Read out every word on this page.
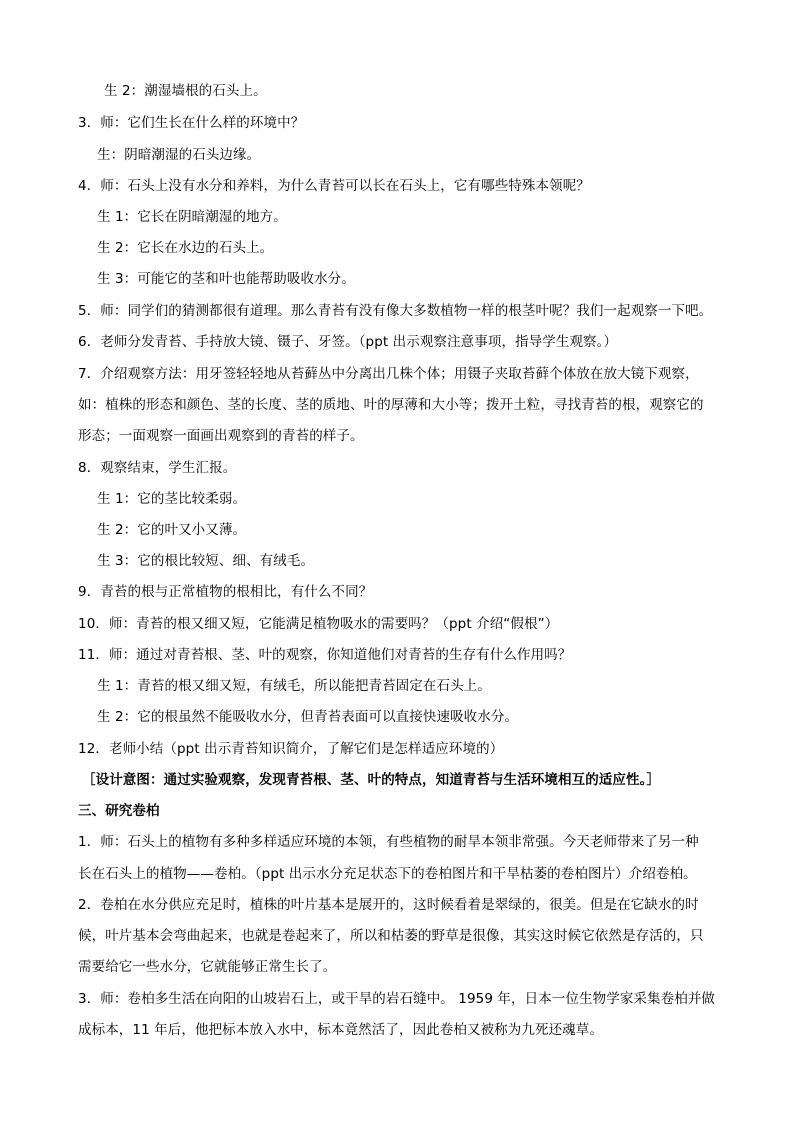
生 2：潮湿墙根的石头上。
3．师：它们生长在什么样的环境中？
生：阴暗潮湿的石头边缘。
4．师：石头上没有水分和养料，为什么青苔可以长在石头上，它有哪些特殊本领呢？
生 1：它长在阴暗潮湿的地方。
生 2：它长在水边的石头上。
生 3：可能它的茎和叶也能帮助吸收水分。
5．师：同学们的猜测都很有道理。那么青苔有没有像大多数植物一样的根茎叶呢？我们一起观察一下吧。
6．老师分发青苔、手持放大镜、镊子、牙签。（ppt 出示观察注意事项，指导学生观察。）
7．介绍观察方法：用牙签轻轻地从苔藓丛中分离出几株个体；用镊子夹取苔藓个体放在放大镜下观察，
如：植株的形态和颜色、茎的长度、茎的质地、叶的厚薄和大小等；拨开土粒，寻找青苔的根，观察它的
形态；一面观察一面画出观察到的青苔的样子。
8．观察结束，学生汇报。
生 1：它的茎比较柔弱。
生 2：它的叶又小又薄。
生 3：它的根比较短、细、有绒毛。
9．青苔的根与正常植物的根相比，有什么不同？
10．师：青苔的根又细又短，它能满足植物吸水的需要吗？（ppt 介绍“假根”）
11．师：通过对青苔根、茎、叶的观察，你知道他们对青苔的生存有什么作用吗？
生 1：青苔的根又细又短，有绒毛，所以能把青苔固定在石头上。
生 2：它的根虽然不能吸收水分，但青苔表面可以直接快速吸收水分。
12．老师小结（ppt 出示青苔知识简介，了解它们是怎样适应环境的）
［设计意图：通过实验观察，发现青苔根、茎、叶的特点，知道青苔与生活环境相互的适应性。］
三、研究卷柏
1．师：石头上的植物有多种多样适应环境的本领，有些植物的耐旱本领非常强。今天老师带来了另一种
长在石头上的植物——卷柏。（ppt 出示水分充足状态下的卷柏图片和干旱枯萎的卷柏图片）介绍卷柏。
2．卷柏在水分供应充足时，植株的叶片基本是展开的，这时候看着是翠绿的，很美。但是在它缺水的时
候，叶片基本会弯曲起来，也就是卷起来了，所以和枯萎的野草是很像，其实这时候它依然是存活的，只
需要给它一些水分，它就能够正常生长了。
3．师：卷柏多生活在向阳的山坡岩石上，或干旱的岩石缝中。 1959 年，日本一位生物学家采集卷柏并做
成标本，11 年后，他把标本放入水中，标本竟然活了，因此卷柏又被称为九死还魂草。
